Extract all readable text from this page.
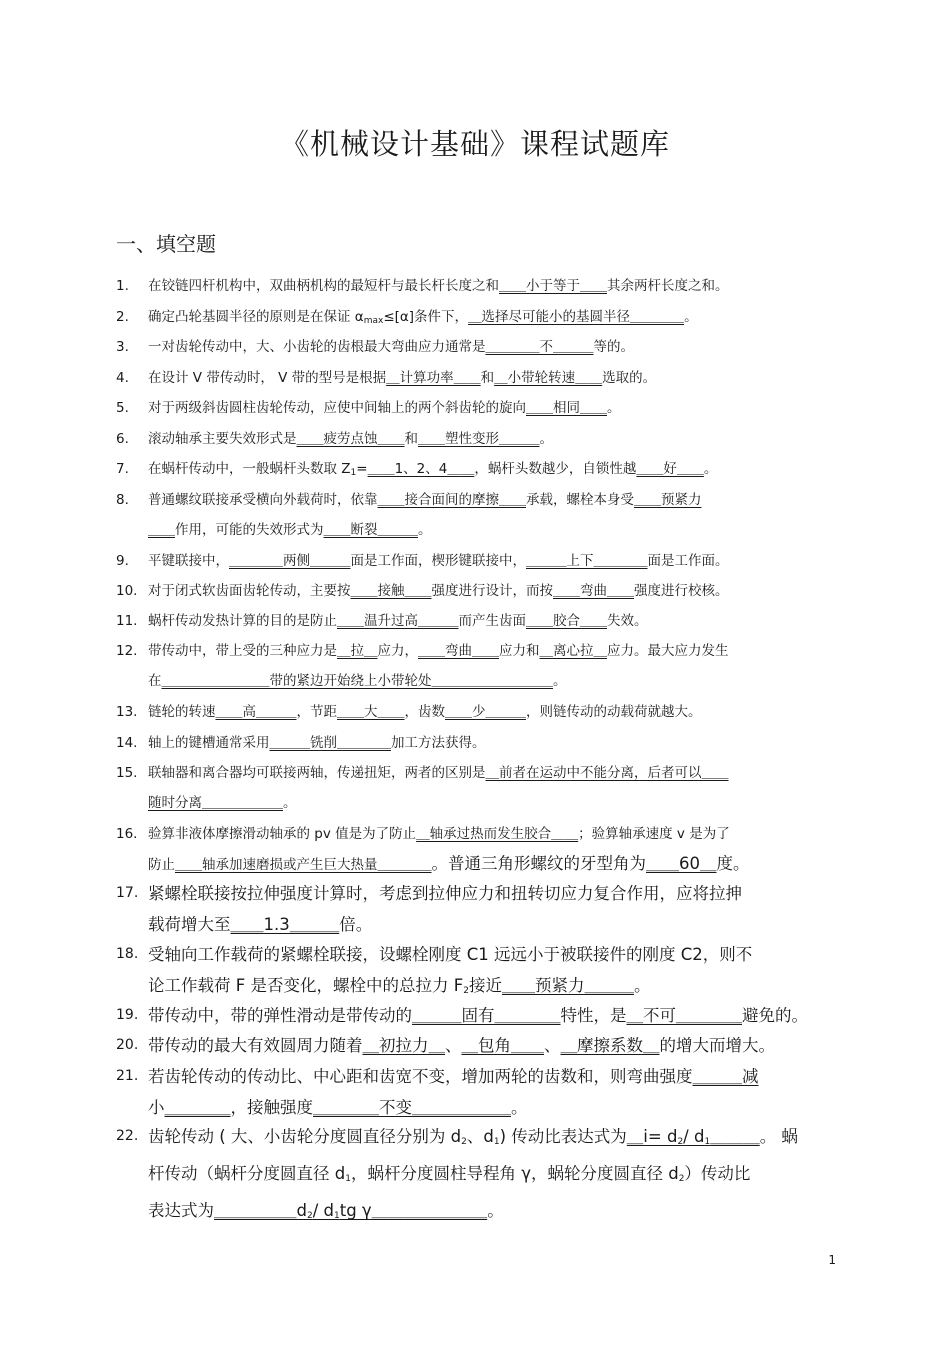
《机械设计基础》课程试题库
一、填空题
1.	在铰链四杆机构中，双曲柄机构的最短杆与最长杆长度之和＿＿小于等于＿＿其余两杆长度之和。
2.	确定凸轮基圆半径的原则是在保证 $\alpha_{max}\le[\alpha]$条件下，＿选择尽可能小的基圆半径＿＿＿＿。
3.	一对齿轮传动中，大、小齿轮的齿根最大弯曲应力通常是＿＿＿＿不＿＿＿等的。
4.	在设计 V 带传动时， V 带的型号是根据＿计算功率＿＿和＿小带轮转速＿＿选取的。
5.	对于两级斜齿圆柱齿轮传动，应使中间轴上的两个斜齿轮的旋向＿＿相同＿＿。
6.	滚动轴承主要失效形式是＿＿疲劳点蚀＿＿和＿＿塑性变形＿＿＿。
7.	在蜗杆传动中，一般蜗杆头数取 $Z_1=\_\_1$、2、4＿＿，蜗杆头数越少，自锁性越＿＿好＿＿。
8.	普通螺纹联接承受横向外载荷时，依靠＿＿接合面间的摩擦＿＿承载，螺栓本身受＿＿预紧力
＿＿作用，可能的失效形式为＿＿断裂＿＿＿。
9.	平键联接中，＿＿＿＿两侧＿＿＿面是工作面，楔形键联接中，＿＿＿上下＿＿＿＿面是工作面。
10. 对于闭式软齿面齿轮传动，主要按＿＿接触＿＿强度进行设计，而按＿＿弯曲＿＿强度进行校核。
11. 蜗杆传动发热计算的目的是防止＿＿温升过高＿＿＿而产生齿面＿＿胶合＿＿失效。
12. 带传动中，带上受的三种应力是＿拉＿应力，＿＿弯曲＿＿应力和＿离心拉＿应力。最大应力发生
在＿＿＿＿＿＿＿＿带的紧边开始绕上小带轮处＿＿＿＿＿＿＿＿＿。
13. 链轮的转速＿＿高＿＿＿，节距＿＿大＿＿，齿数＿＿少＿＿＿，则链传动的动载荷就越大。
14. 轴上的键槽通常采用＿＿＿铣削＿＿＿＿加工方法获得。
15. 联轴器和离合器均可联接两轴，传递扭矩，两者的区别是＿前者在运动中不能分离，后者可以＿＿
随时分离＿＿＿＿＿＿。
16. 验算非液体摩擦滑动轴承的 pv 值是为了防止＿轴承过热而发生胶合＿＿；验算轴承速度 v 是为了
防止＿＿轴承加速磨损或产生巨大热量＿＿＿＿。普通三角形螺纹的牙型角为＿＿60＿度。
17. 紧螺栓联接按拉伸强度计算时，考虑到拉伸应力和扭转切应力复合作用，应将拉抻
载荷增大至＿＿1.3＿＿＿倍。
18. 受轴向工作载荷的紧螺栓联接，设螺栓刚度 C1 远远小于被联接件的刚度 C2，则不
论工作载荷 F 是否变化，螺栓中的总拉力 $F_2$接近＿＿预紧力＿＿＿。
19. 带传动中，带的弹性滑动是带传动的＿＿＿固有＿＿＿＿特性，是＿不可＿＿＿＿避免的。
20. 带传动的最大有效圆周力随着＿初拉力＿、＿包角＿＿、＿摩擦系数＿的增大而增大。
21. 若齿轮传动的传动比、中心距和齿宽不变，增加两轮的齿数和，则弯曲强度＿＿＿减
小＿＿＿＿，接触强度＿＿＿＿不变＿＿＿＿＿＿。
22. 齿轮传动 ( 大、小齿轮分度圆直径分别为 $d_2$、$d_1$) 传动比表达式为＿i= $d_2/$ $d_1\_\_\_$。 蜗
杆传动（蜗杆分度圆直径 $d_1$，蜗杆分度圆柱导程角 γ，蜗轮分度圆直径 $d_2$）传动比
表达式为$\_\_\_\_\_d_2/$ $d_1tg$ γ＿＿＿＿＿＿＿。
1
